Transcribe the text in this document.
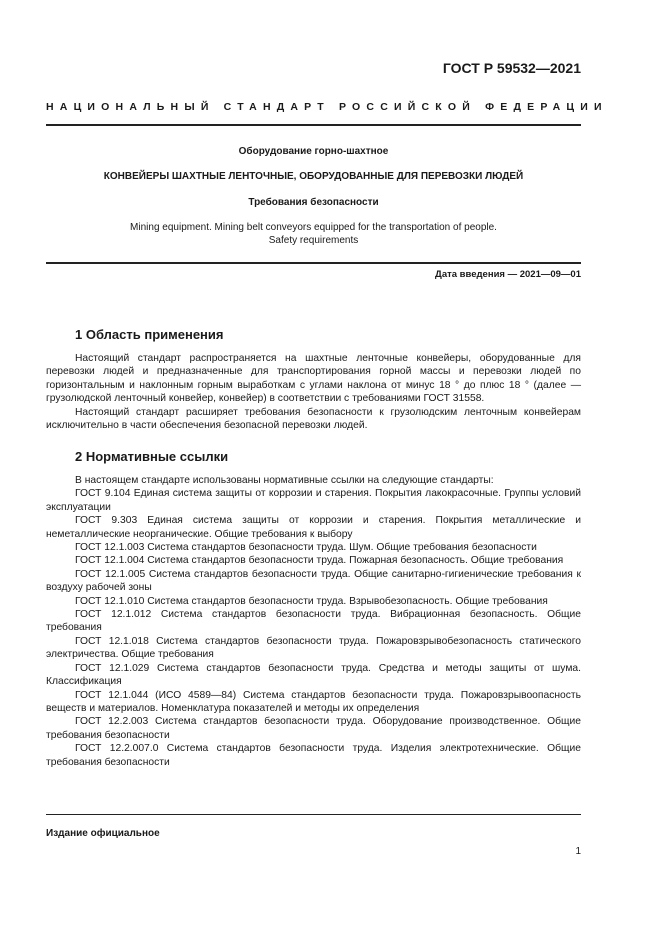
ГОСТ Р 59532—2021
НАЦИОНАЛЬНЫЙ СТАНДАРТ РОССИЙСКОЙ ФЕДЕРАЦИИ
Оборудование горно-шахтное
КОНВЕЙЕРЫ ШАХТНЫЕ ЛЕНТОЧНЫЕ, ОБОРУДОВАННЫЕ ДЛЯ ПЕРЕВОЗКИ ЛЮДЕЙ
Требования безопасности
Mining equipment. Mining belt conveyors equipped for the transportation of people.
Safety requirements
Дата введения — 2021—09—01
1 Область применения

Настоящий стандарт распространяется на шахтные ленточные конвейеры, оборудованные для перевозки людей и предназначенные для транспортирования горной массы и перевозки людей по горизонтальным и наклонным горным выработкам с углами наклона от минус 18 ° до плюс 18 ° (далее — грузолюдской ленточный конвейер, конвейер) в соответствии с требованиями ГОСТ 31558.

Настоящий стандарт расширяет требования безопасности к грузолюдским ленточным конвейерам исключительно в части обеспечения безопасной перевозки людей.

2 Нормативные ссылки

В настоящем стандарте использованы нормативные ссылки на следующие стандарты:

ГОСТ 9.104 Единая система защиты от коррозии и старения. Покрытия лакокрасочные. Группы условий эксплуатации

ГОСТ 9.303 Единая система защиты от коррозии и старения. Покрытия металлические и неметаллические неорганические. Общие требования к выбору

ГОСТ 12.1.003 Система стандартов безопасности труда. Шум. Общие требования безопасности

ГОСТ 12.1.004 Система стандартов безопасности труда. Пожарная безопасность. Общие требования

ГОСТ 12.1.005 Система стандартов безопасности труда. Общие санитарно-гигиенические требования к воздуху рабочей зоны

ГОСТ 12.1.010 Система стандартов безопасности труда. Взрывобезопасность. Общие требования

ГОСТ 12.1.012 Система стандартов безопасности труда. Вибрационная безопасность. Общие требования

ГОСТ 12.1.018 Система стандартов безопасности труда. Пожаровзрывобезопасность статического электричества. Общие требования

ГОСТ 12.1.029 Система стандартов безопасности труда. Средства и методы защиты от шума. Классификация

ГОСТ 12.1.044 (ИСО 4589—84) Система стандартов безопасности труда. Пожаровзрывоопасность веществ и материалов. Номенклатура показателей и методы их определения

ГОСТ 12.2.003 Система стандартов безопасности труда. Оборудование производственное. Общие требования безопасности

ГОСТ 12.2.007.0 Система стандартов безопасности труда. Изделия электротехнические. Общие требования безопасности

Издание официальное
1
